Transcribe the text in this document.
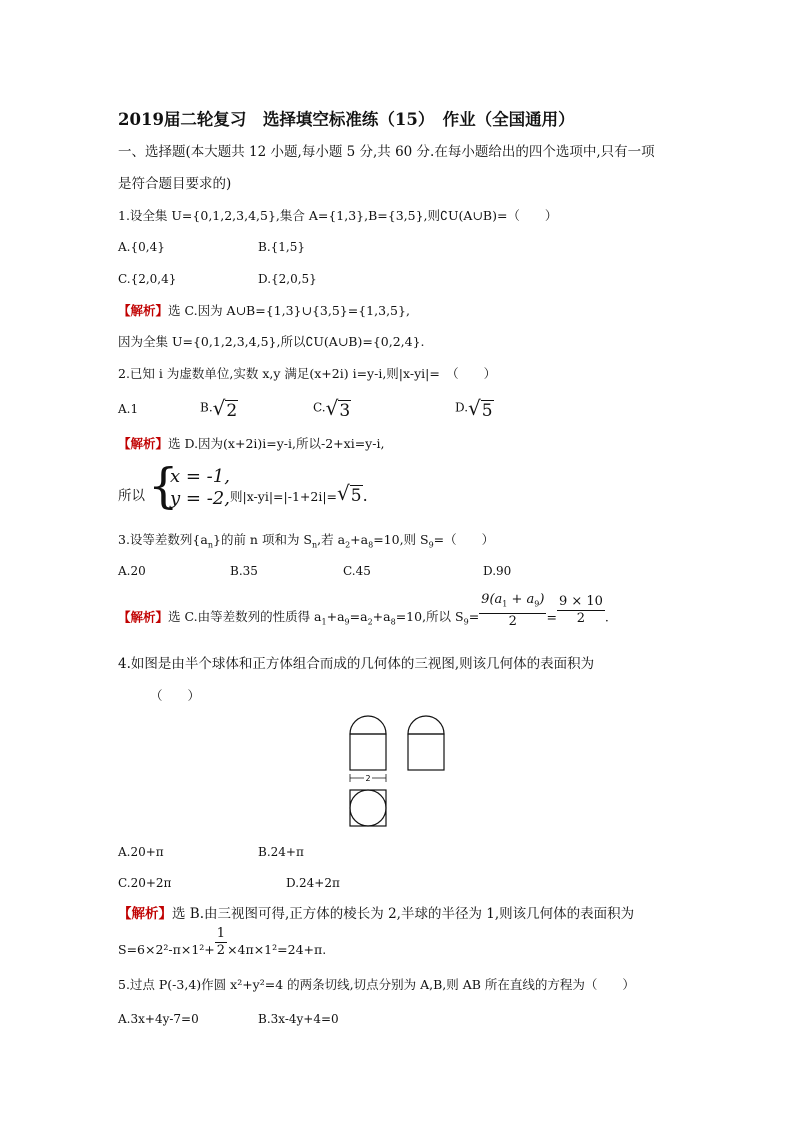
2019届二轮复习　选择填空标准练（15）　作业（全国通用）
一、选择题(本大题共 12 小题,每小题 5 分,共 60 分.在每小题给出的四个选项中,只有一项
是符合题目要求的)
1.设全集 U={0,1,2,3,4,5},集合 A={1,3},B={3,5},则∁U(A∪B)=（　　）
A.{0,4}	B.{1,5}
C.{2,0,4}	D.{2,0,5}
【解析】选 C.因为 A∪B={1,3}∪{3,5}={1,3,5},
因为全集 U={0,1,2,3,4,5},所以∁U(A∪B)={0,2,4}.
2.已知 i 为虚数单位,实数 x,y 满足(x+2i) i=y-i,则|x-yi|=　（　　）
A.1	B.√2	C.√3	D.√5
【解析】选 D.因为(x+2i)i=y-i,所以-2+xi=y-i,
所以 {
x = -1,
y = -2, 则|x-yi|=|-1+2i|=√5.
3.设等差数列$\{a_n\}$的前 n 项和为 $S_n$,若 $a_2+a_8=10$,则 $S_9=$（　　）
A.20	B.35	C.45	D.90
【解析】选 C.由等差数列的性质得 $a_1+a_9=a_2+a_8=10$,所以 $S_9= \frac{9(a_1 + a_9)}{2} = \frac{9 \times 10}{2}$ .
4.如图是由半个球体和正方体组合而成的几何体的三视图,则该几何体的表面积为
（　　）
2
A.20+π	B.24+π
C.20+2π	D.24+2π
【解析】选 B.由三视图可得,正方体的棱长为 2,半球的半径为 1,则该几何体的表面积为
$S=6\times 2^2-\pi\times 1^2+ \frac{1}{2} \times 4\pi\times 1^2=24+\pi$.
5.过点 P(-3,4)作圆 x²+y²=4 的两条切线,切点分别为 A,B,则 AB 所在直线的方程为（　　）
A.3x+4y-7=0	B.3x-4y+4=0
